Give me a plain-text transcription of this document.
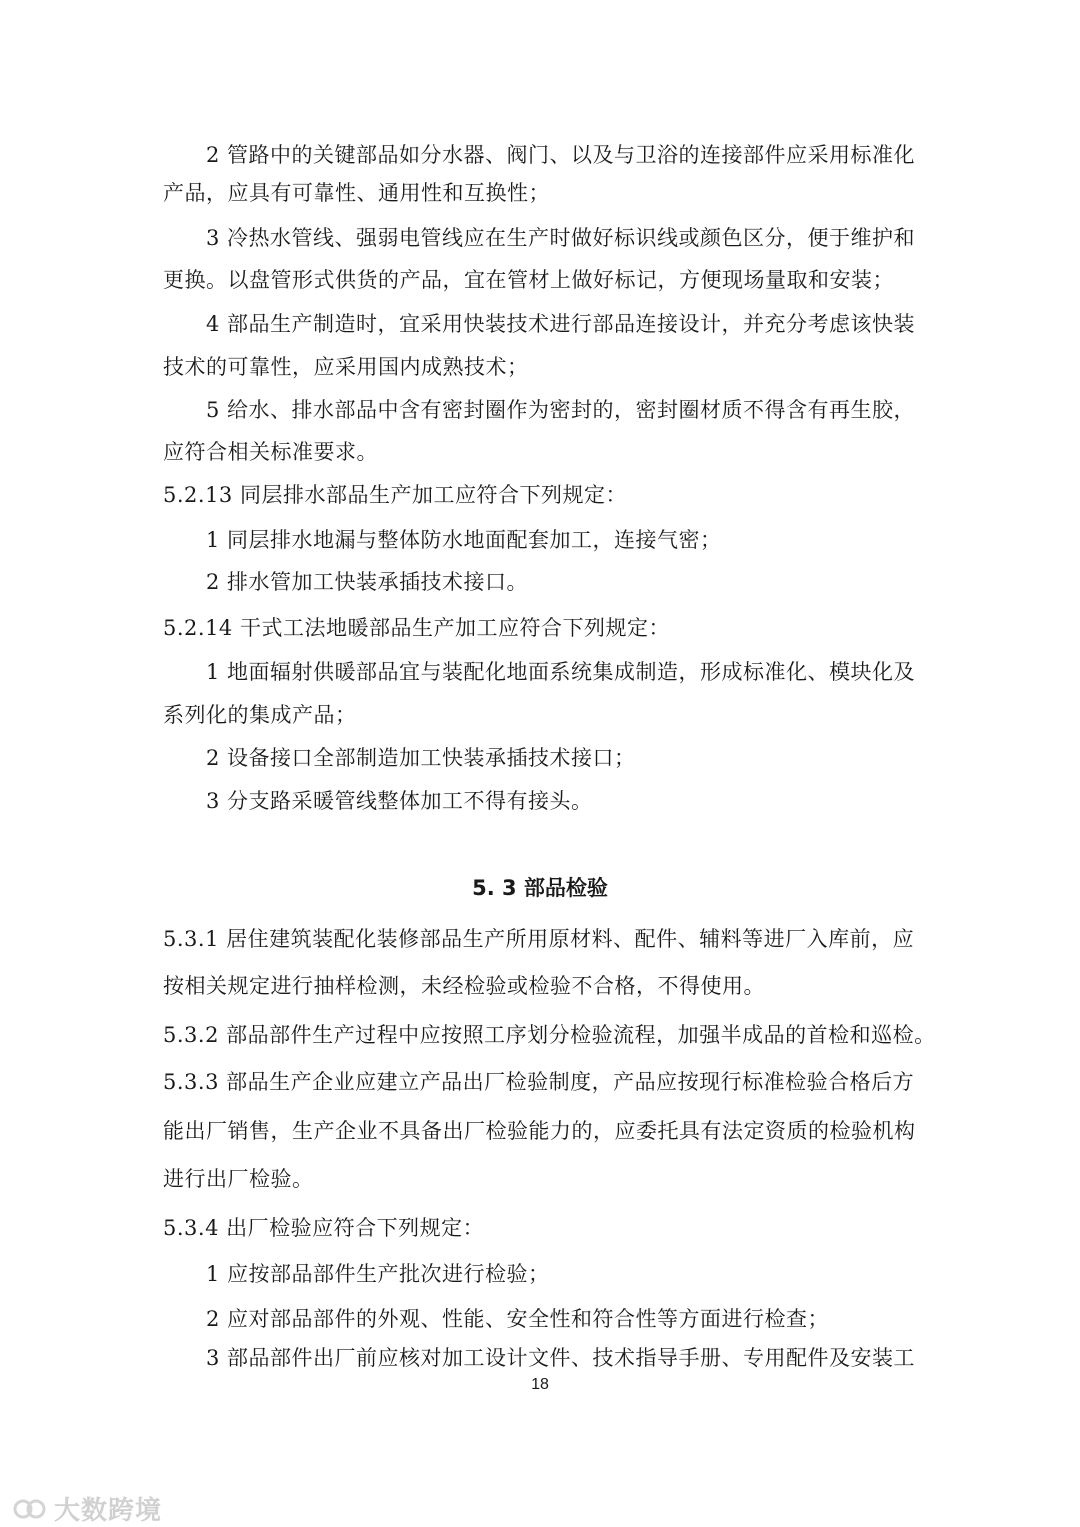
2 管路中的关键部品如分水器、阀门、以及与卫浴的连接部件应采用标准化
产品，应具有可靠性、通用性和互换性；
3 冷热水管线、强弱电管线应在生产时做好标识线或颜色区分，便于维护和
更换。以盘管形式供货的产品，宜在管材上做好标记，方便现场量取和安装；
4 部品生产制造时，宜采用快装技术进行部品连接设计，并充分考虑该快装
技术的可靠性，应采用国内成熟技术；
5 给水、排水部品中含有密封圈作为密封的，密封圈材质不得含有再生胶，
应符合相关标准要求。
5.2.13 同层排水部品生产加工应符合下列规定：
1 同层排水地漏与整体防水地面配套加工，连接气密；
2 排水管加工快装承插技术接口。
5.2.14 干式工法地暖部品生产加工应符合下列规定：
1 地面辐射供暖部品宜与装配化地面系统集成制造，形成标准化、模块化及
系列化的集成产品；
2 设备接口全部制造加工快装承插技术接口；
3 分支路采暖管线整体加工不得有接头。
5. 3 部品检验
5.3.1 居住建筑装配化装修部品生产所用原材料、配件、辅料等进厂入库前，应
按相关规定进行抽样检测，未经检验或检验不合格，不得使用。
5.3.2 部品部件生产过程中应按照工序划分检验流程，加强半成品的首检和巡检。
5.3.3 部品生产企业应建立产品出厂检验制度，产品应按现行标准检验合格后方
能出厂销售，生产企业不具备出厂检验能力的，应委托具有法定资质的检验机构
进行出厂检验。
5.3.4 出厂检验应符合下列规定：
1 应按部品部件生产批次进行检验；
2 应对部品部件的外观、性能、安全性和符合性等方面进行检查；
3 部品部件出厂前应核对加工设计文件、技术指导手册、专用配件及安装工
18
大数跨境
